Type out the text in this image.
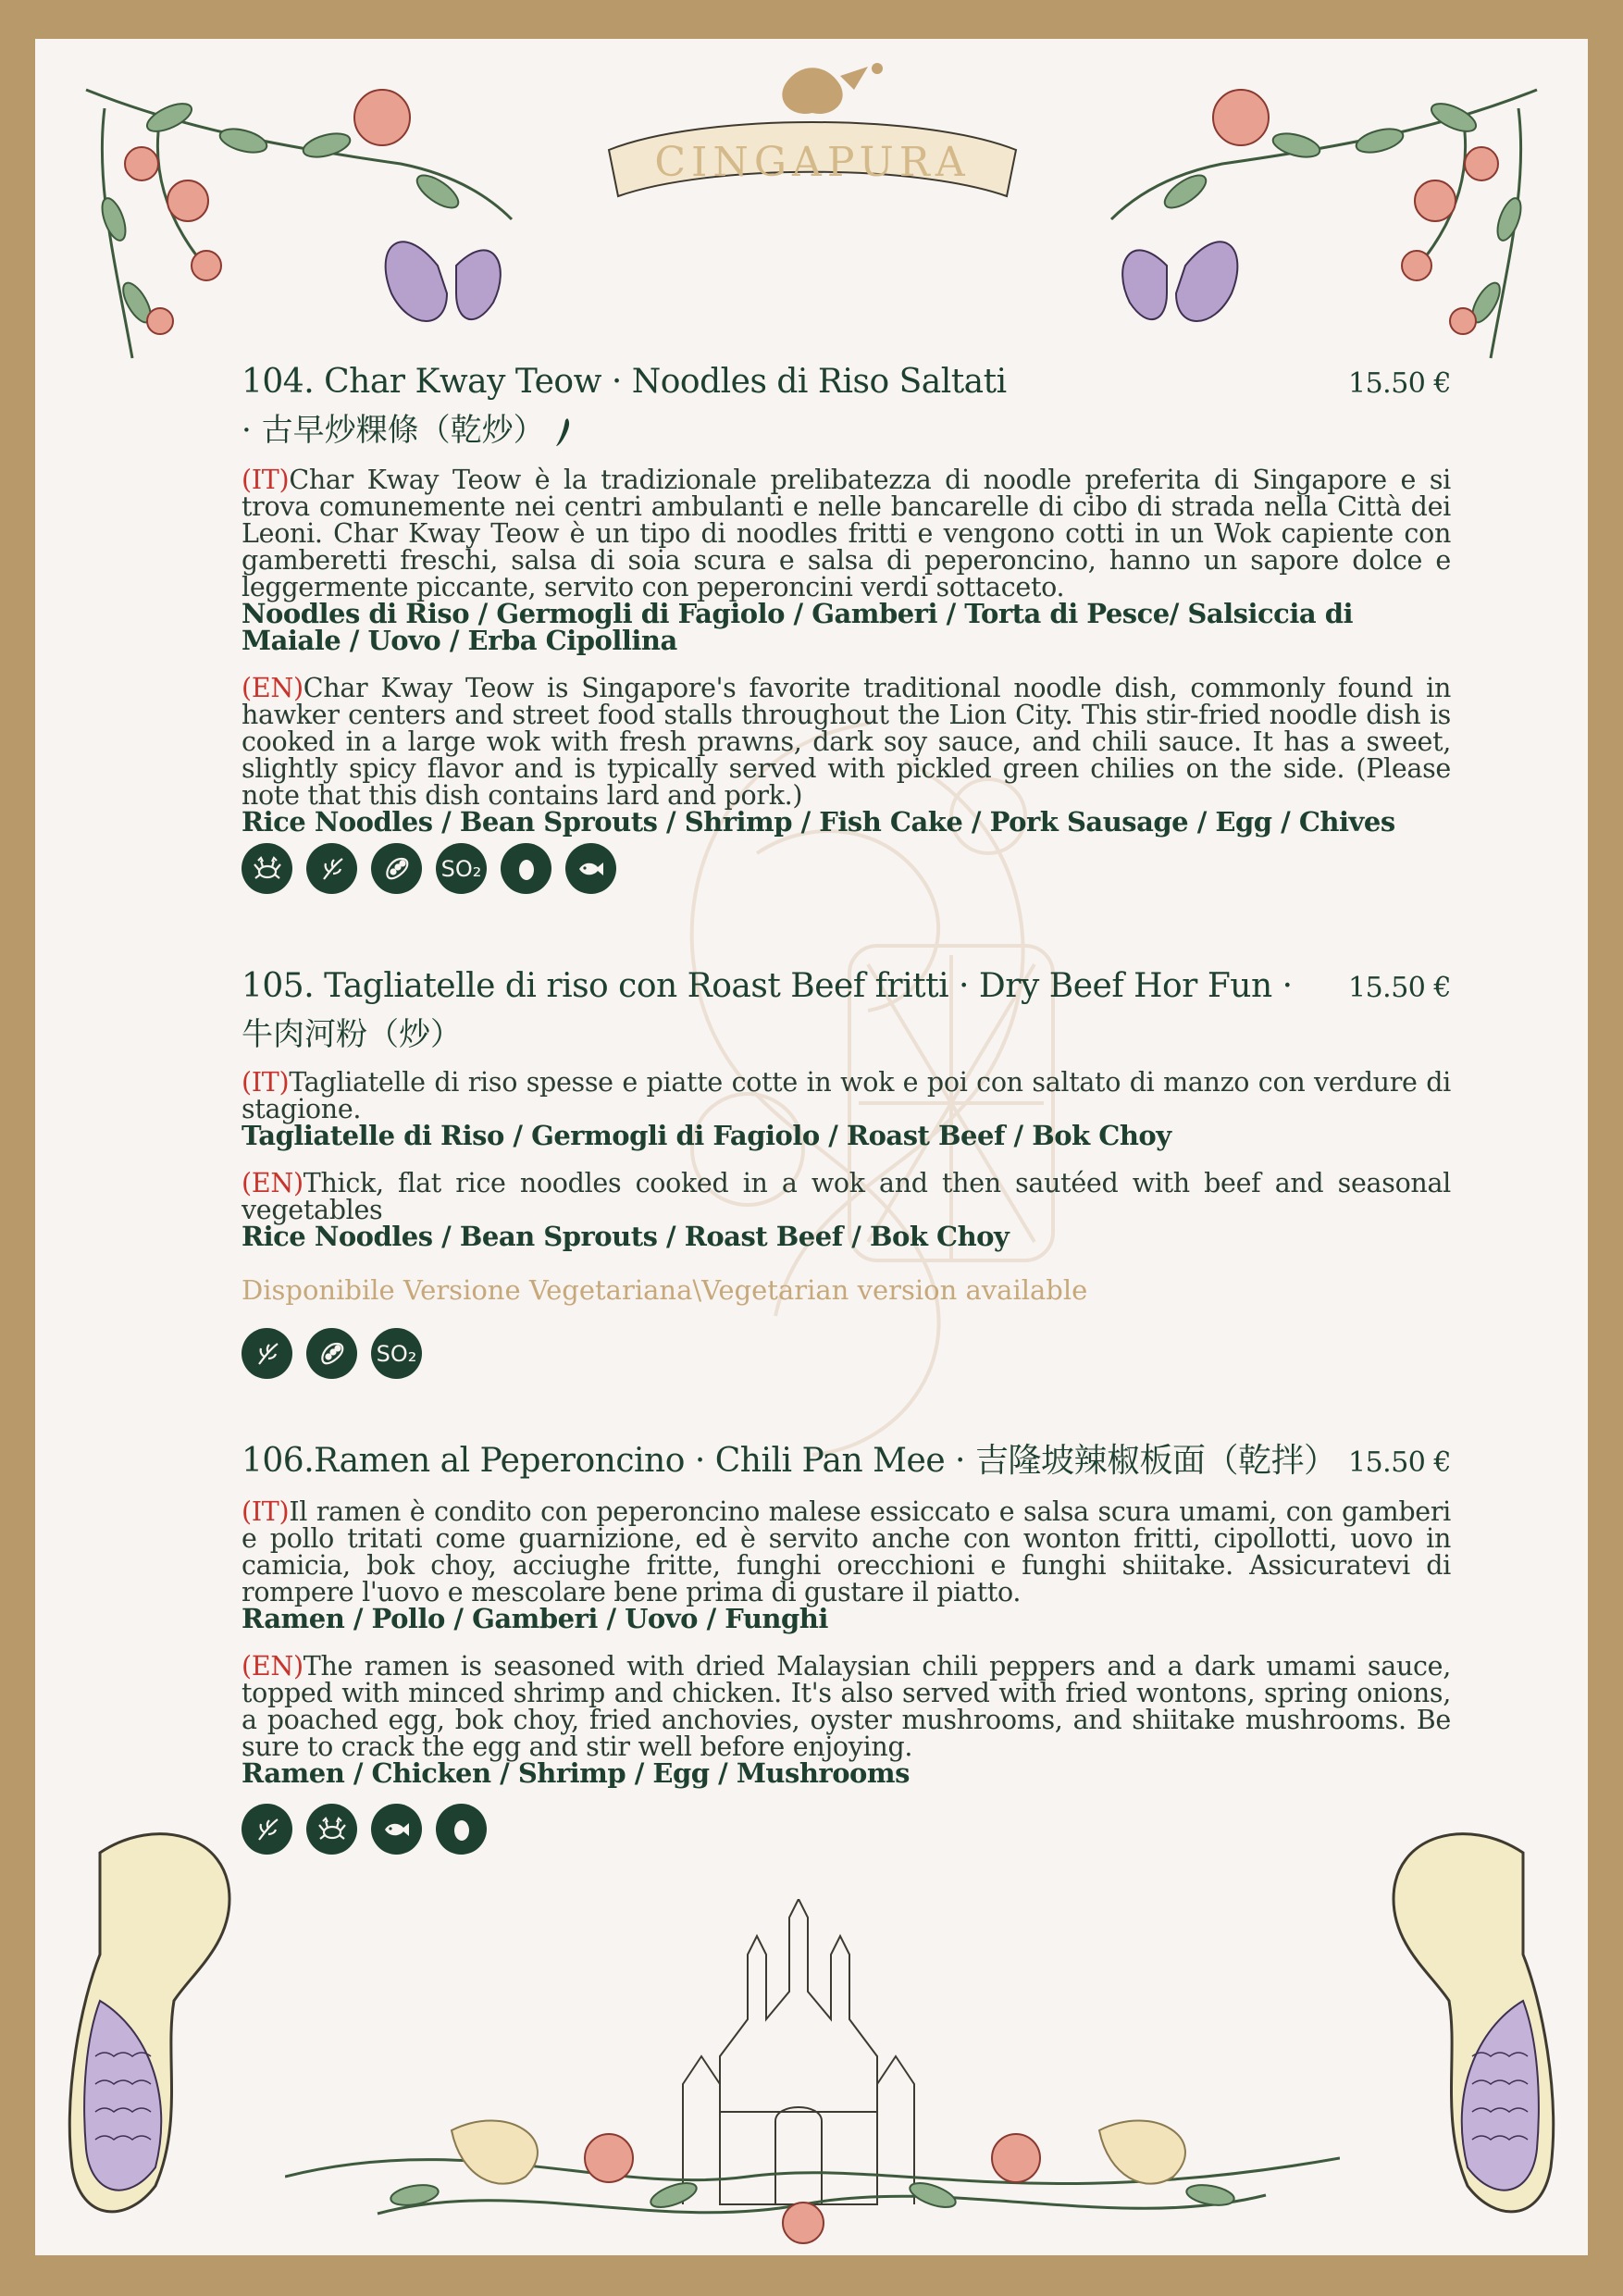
CINGAPURA
104. Char Kway Teow · Noodles di Riso Saltati	15.50 €
· 古早炒粿條（乾炒）

(IT)Char Kway Teow è la tradizionale prelibatezza di noodle preferita di Singapore e si trova comunemente nei centri ambulanti e nelle bancarelle di cibo di strada nella Città dei Leoni. Char Kway Teow è un tipo di noodles fritti e vengono cotti in un Wok capiente con gamberetti freschi, salsa di soia scura e salsa di peperoncino, hanno un sapore dolce e leggermente piccante, servito con peperoncini verdi sottaceto.

Noodles di Riso / Germogli di Fagiolo / Gamberi / Torta di Pesce/ Salsiccia di Maiale / Uovo / Erba Cipollina

(EN)Char Kway Teow is Singapore's favorite traditional noodle dish, commonly found in hawker centers and street food stalls throughout the Lion City. This stir-fried noodle dish is cooked in a large wok with fresh prawns, dark soy sauce, and chili sauce. It has a sweet, slightly spicy flavor and is typically served with pickled green chilies on the side. (Please note that this dish contains lard and pork.)

Rice Noodles / Bean Sprouts / Shrimp / Fish Cake / Pork Sausage / Egg / Chives

SO₂
105. Tagliatelle di riso con Roast Beef fritti · Dry Beef Hor Fun · 15.50 €
牛肉河粉（炒）

(IT)Tagliatelle di riso spesse e piatte cotte in wok e poi con saltato di manzo con verdure di stagione.

Tagliatelle di Riso / Germogli di Fagiolo / Roast Beef / Bok Choy

(EN)Thick, flat rice noodles cooked in a wok and then sautéed with beef and seasonal vegetables

Rice Noodles / Bean Sprouts / Roast Beef / Bok Choy

Disponibile Versione Vegetariana\Vegetarian version available

SO₂
106.Ramen al Peperoncino · Chili Pan Mee · 吉隆坡辣椒板面（乾拌） 15.50 €

(IT)Il ramen è condito con peperoncino malese essiccato e salsa scura umami, con gamberi e pollo tritati come guarnizione, ed è servito anche con wonton fritti, cipollotti, uovo in camicia, bok choy, acciughe fritte, funghi orecchioni e funghi shiitake. Assicuratevi di rompere l'uovo e mescolare bene prima di gustare il piatto.

Ramen / Pollo / Gamberi / Uovo / Funghi

(EN)The ramen is seasoned with dried Malaysian chili peppers and a dark umami sauce, topped with minced shrimp and chicken. It's also served with fried wontons, spring onions, a poached egg, bok choy, fried anchovies, oyster mushrooms, and shiitake mushrooms. Be sure to crack the egg and stir well before enjoying.

Ramen / Chicken / Shrimp / Egg / Mushrooms
